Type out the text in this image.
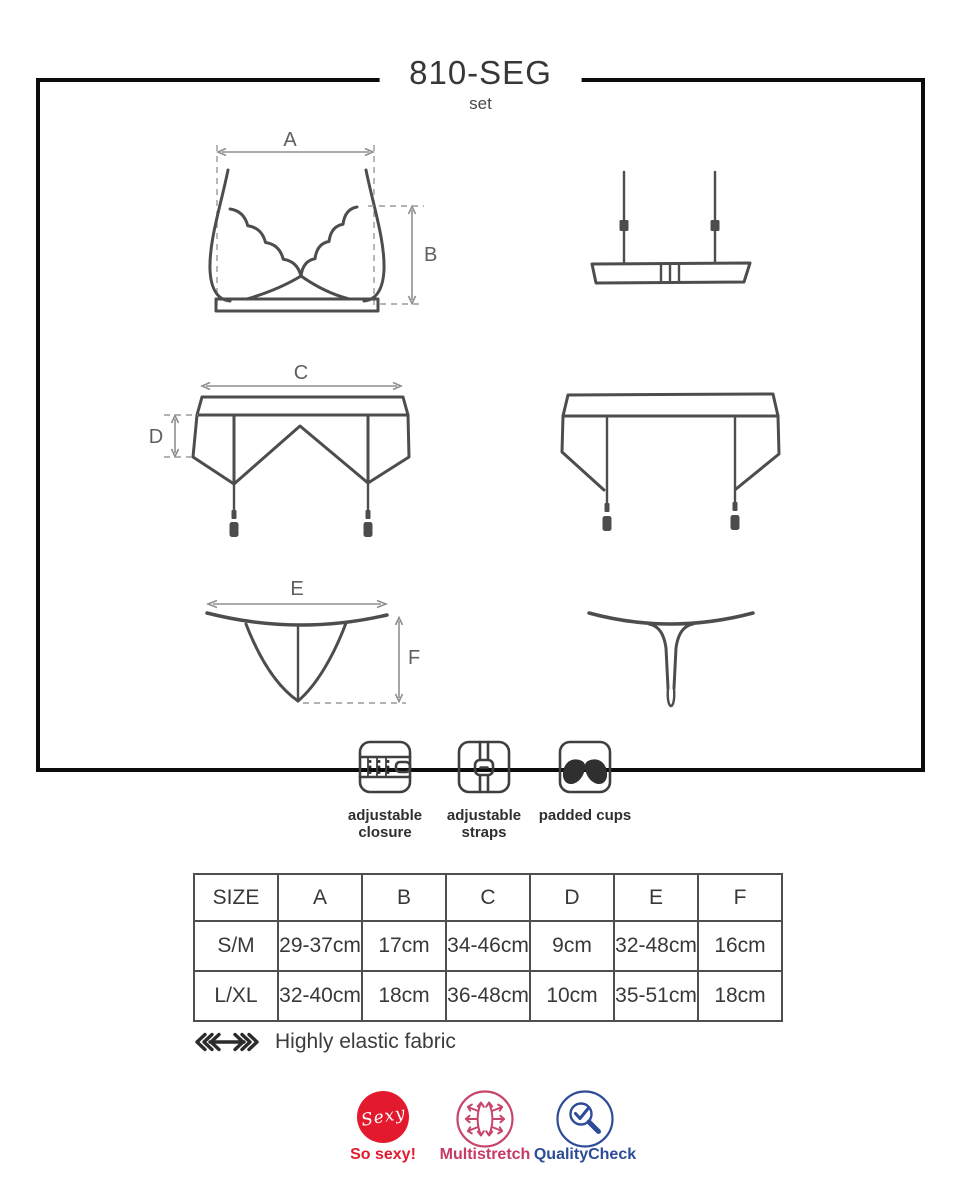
810-SEG
set
A
B
C
D
E
F
adjustable closure
adjustable straps
padded cups
SIZE	A	B	C	D	E	F
S/M	29-37cm	17cm	34-46cm	9cm	32-48cm	16cm
L/XL	32-40cm	18cm	36-48cm	10cm	35-51cm	18cm
Highly elastic fabric
Sexy
So sexy!	Multistretch QualityCheck
